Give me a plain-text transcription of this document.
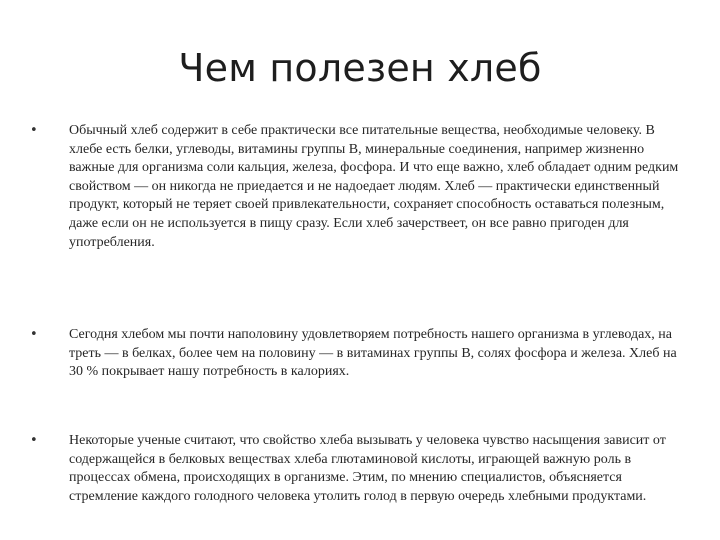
Чем полезен хлеб
•	Обычный хлеб содержит в себе практически все питательные вещества, необходимые человеку. В хлебе есть белки, углеводы, витамины группы В, минеральные соединения, например жизненно важные для организма соли кальция, железа, фосфора. И что еще важно, хлеб обладает одним редким свойством — он никогда не приедается и не надоедает людям. Хлеб — практически единственный продукт, который не теряет своей привлекательности, сохраняет способность оставаться полезным, даже если он не используется в пищу сразу. Если хлеб зачерствеет, он все равно пригоден для употребления.
•	Сегодня хлебом мы почти наполовину удовлетворяем потребность нашего организма в углеводах, на треть — в белках, более чем на половину — в витаминах группы В, солях фосфора и железа. Хлеб на 30 % покрывает нашу потребность в калориях.
•	Некоторые ученые считают, что свойство хлеба вызывать у человека чувство насыщения зависит от содержащейся в белковых веществах хлеба глютаминовой кислоты, играющей важную роль в процессах обмена, происходящих в организме. Этим, по мнению специалистов, объясняется стремление каждого голодного человека утолить голод в первую очередь хлебными продуктами.
